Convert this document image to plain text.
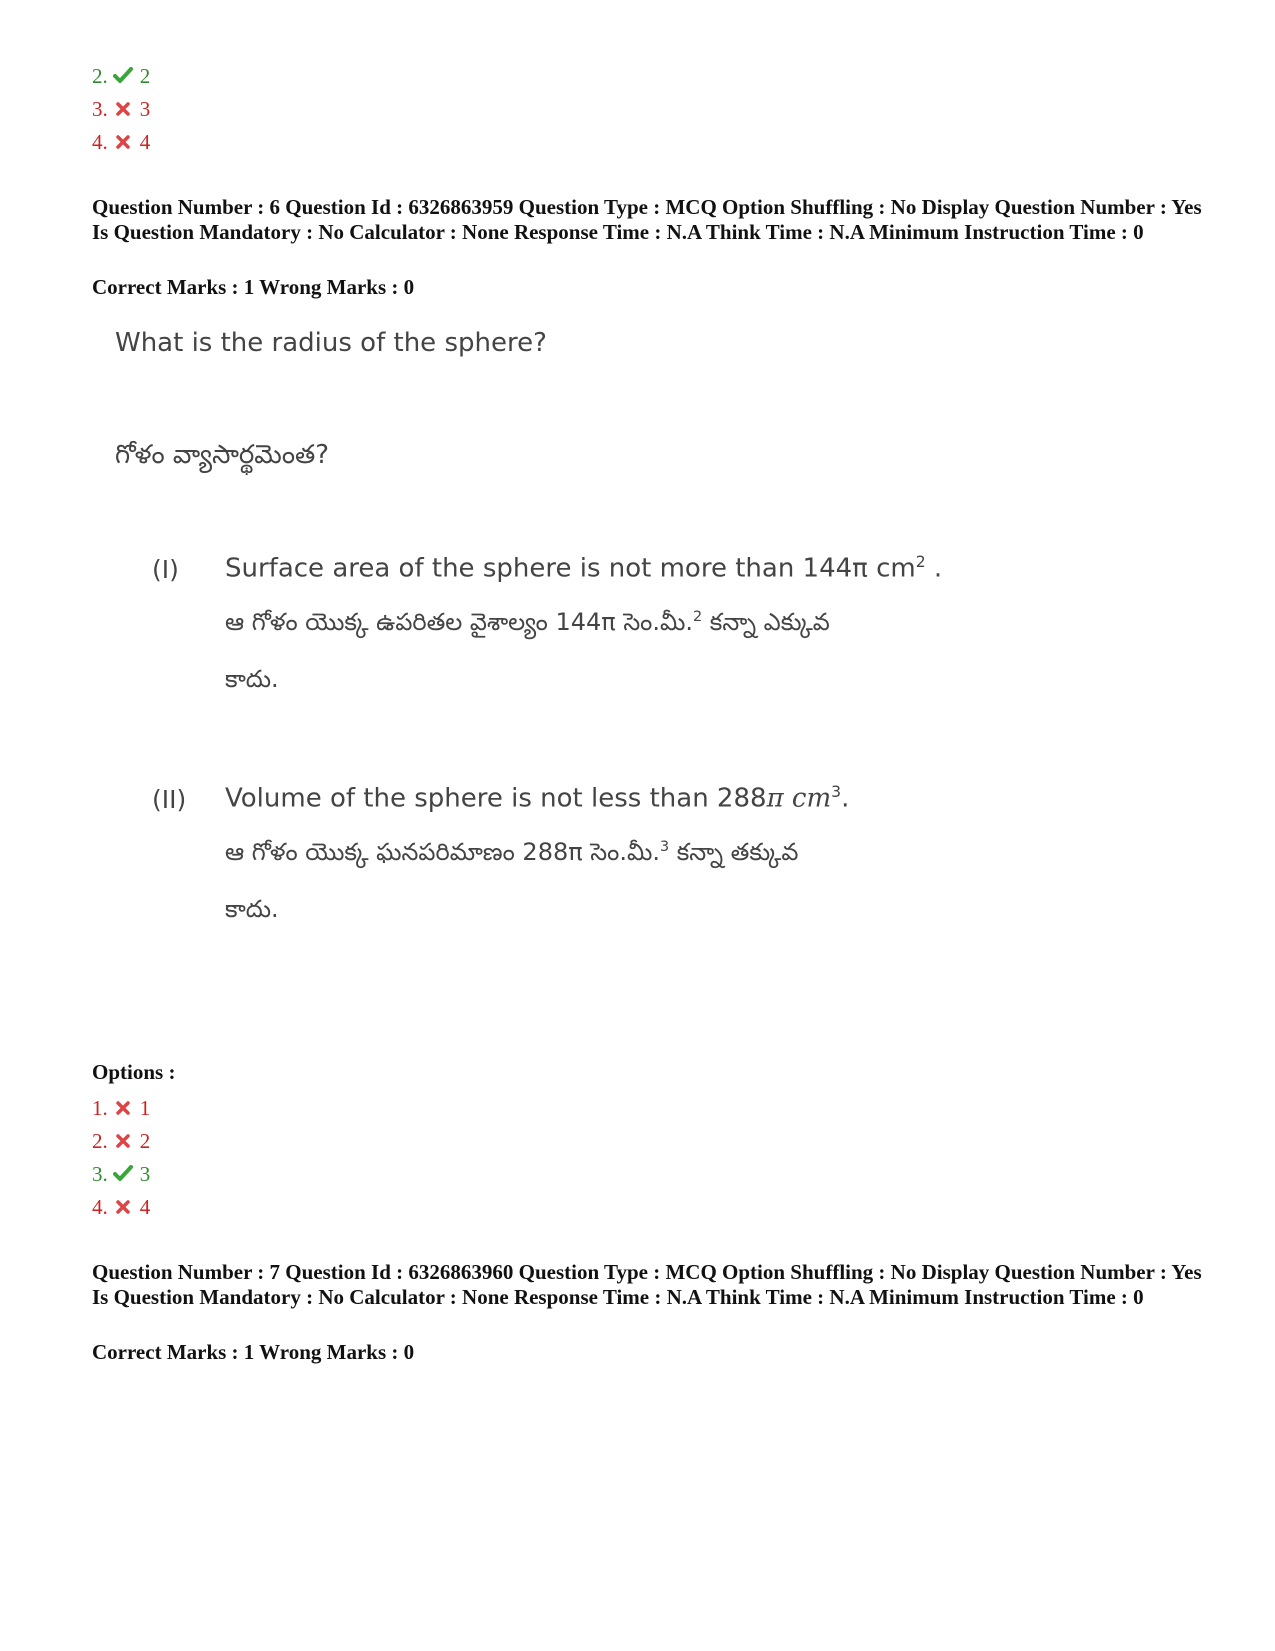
2. 2
3. 3
4. 4
Question Number : 6 Question Id : 6326863959 Question Type : MCQ Option Shuffling : No Display Question Number : Yes Is Question Mandatory : No Calculator : None Response Time : N.A Think Time : N.A Minimum Instruction Time : 0
Correct Marks : 1 Wrong Marks : 0
What is the radius of the sphere?
గోళం వ్యాసార్థమెంత?
(I) Surface area of the sphere is not more than 144π $cm^2$ .
ఆ గోళం యొక్క ఉపరితల వైశాల్యం 144π సెం.మీ.$^2$ కన్నా ఎక్కువ
కాదు.
(II) Volume of the sphere is not less than 288π $cm^3$.
ఆ గోళం యొక్క ఘనపరిమాణం 288π సెం.మీ.$^3$ కన్నా తక్కువ
కాదు.
Options :
1. 1
2. 2
3. 3
4. 4
Question Number : 7 Question Id : 6326863960 Question Type : MCQ Option Shuffling : No Display Question Number : Yes Is Question Mandatory : No Calculator : None Response Time : N.A Think Time : N.A Minimum Instruction Time : 0
Correct Marks : 1 Wrong Marks : 0
